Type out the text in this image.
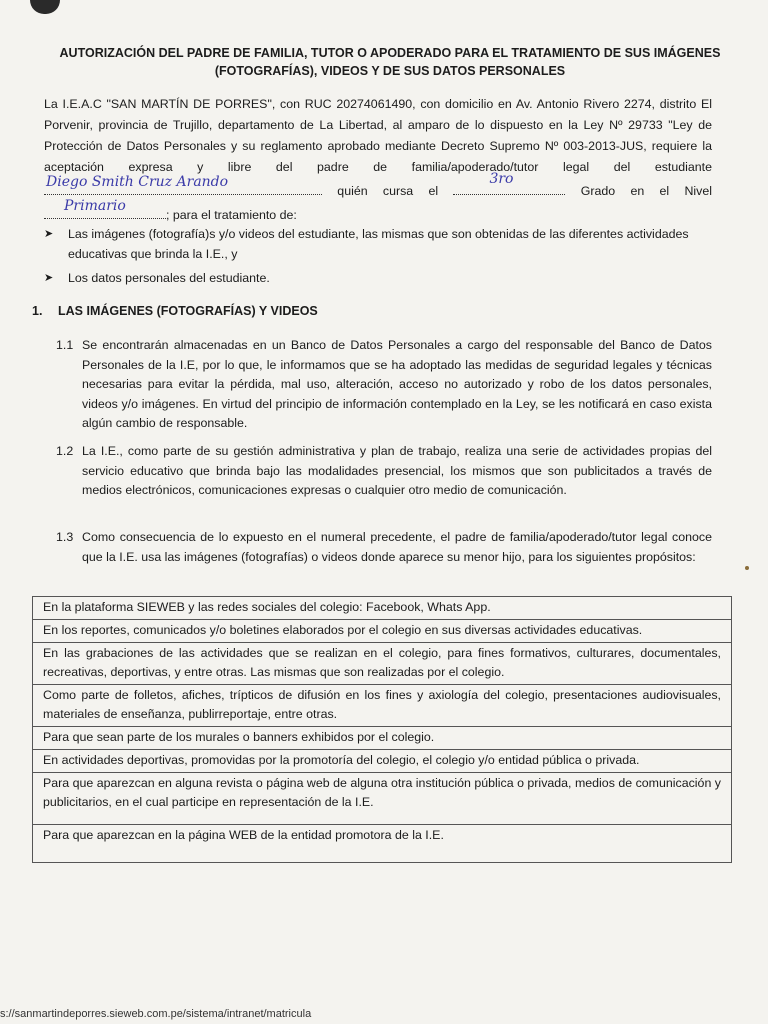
AUTORIZACIÓN DEL PADRE DE FAMILIA, TUTOR O APODERADO PARA EL TRATAMIENTO DE SUS IMÁGENES
(FOTOGRAFÍAS), VIDEOS Y DE SUS DATOS PERSONALES

La I.E.A.C "SAN MARTÍN DE PORRES", con RUC 20274061490, con domicilio en Av. Antonio Rivero 2274, distrito El Porvenir, provincia de Trujillo, departamento de La Libertad, al amparo de lo dispuesto en la Ley Nº 29733 "Ley de Protección de Datos Personales y su reglamento aprobado mediante Decreto Supremo Nº 003-2013-JUS, requiere la aceptación expresa y libre del padre de familia/apoderado/tutor legal del estudiante
Diego Smith Cruz Arando
quién cursa el
3ro
Grado en el Nivel
Primario
; para el tratamiento de:

➤ Las imágenes (fotografía)s y/o videos del estudiante, las mismas que son obtenidas de las diferentes actividades educativas que brinda la I.E., y
➤ Los datos personales del estudiante.
1. LAS IMÁGENES (FOTOGRAFÍAS) Y VIDEOS
1.1 Se encontrarán almacenadas en un Banco de Datos Personales a cargo del responsable del Banco de Datos Personales de la I.E, por lo que, le informamos que se ha adoptado las medidas de seguridad legales y técnicas necesarias para evitar la pérdida, mal uso, alteración, acceso no autorizado y robo de los datos personales, videos y/o imágenes. En virtud del principio de información contemplado en la Ley, se les notificará en caso exista algún cambio de responsable.
1.2 La I.E., como parte de su gestión administrativa y plan de trabajo, realiza una serie de actividades propias del servicio educativo que brinda bajo las modalidades presencial, los mismos que son publicitados a través de medios electrónicos, comunicaciones expresas o cualquier otro medio de comunicación.
1.3 Como consecuencia de lo expuesto en el numeral precedente, el padre de familia/apoderado/tutor legal conoce que la I.E. usa las imágenes (fotografías) o videos donde aparece su menor hijo, para los siguientes propósitos:
En la plataforma SIEWEB y las redes sociales del colegio: Facebook, Whats App.
En los reportes, comunicados y/o boletines elaborados por el colegio en sus diversas actividades educativas.
En las grabaciones de las actividades que se realizan en el colegio, para fines formativos, culturares, documentales, recreativas, deportivas, y entre otras. Las mismas que son realizadas por el colegio.
Como parte de folletos, afiches, trípticos de difusión en los fines y axiología del colegio, presentaciones audiovisuales, materiales de enseñanza, publirreportaje, entre otras.
Para que sean parte de los murales o banners exhibidos por el colegio.
En actividades deportivas, promovidas por la promotoría del colegio, el colegio y/o entidad pública o privada.
Para que aparezcan en alguna revista o página web de alguna otra institución pública o privada, medios de comunicación y publicitarios, en el cual participe en representación de la I.E.
Para que aparezcan en la página WEB de la entidad promotora de la I.E.
s://sanmartindeporres.sieweb.com.pe/sistema/intranet/matricula
